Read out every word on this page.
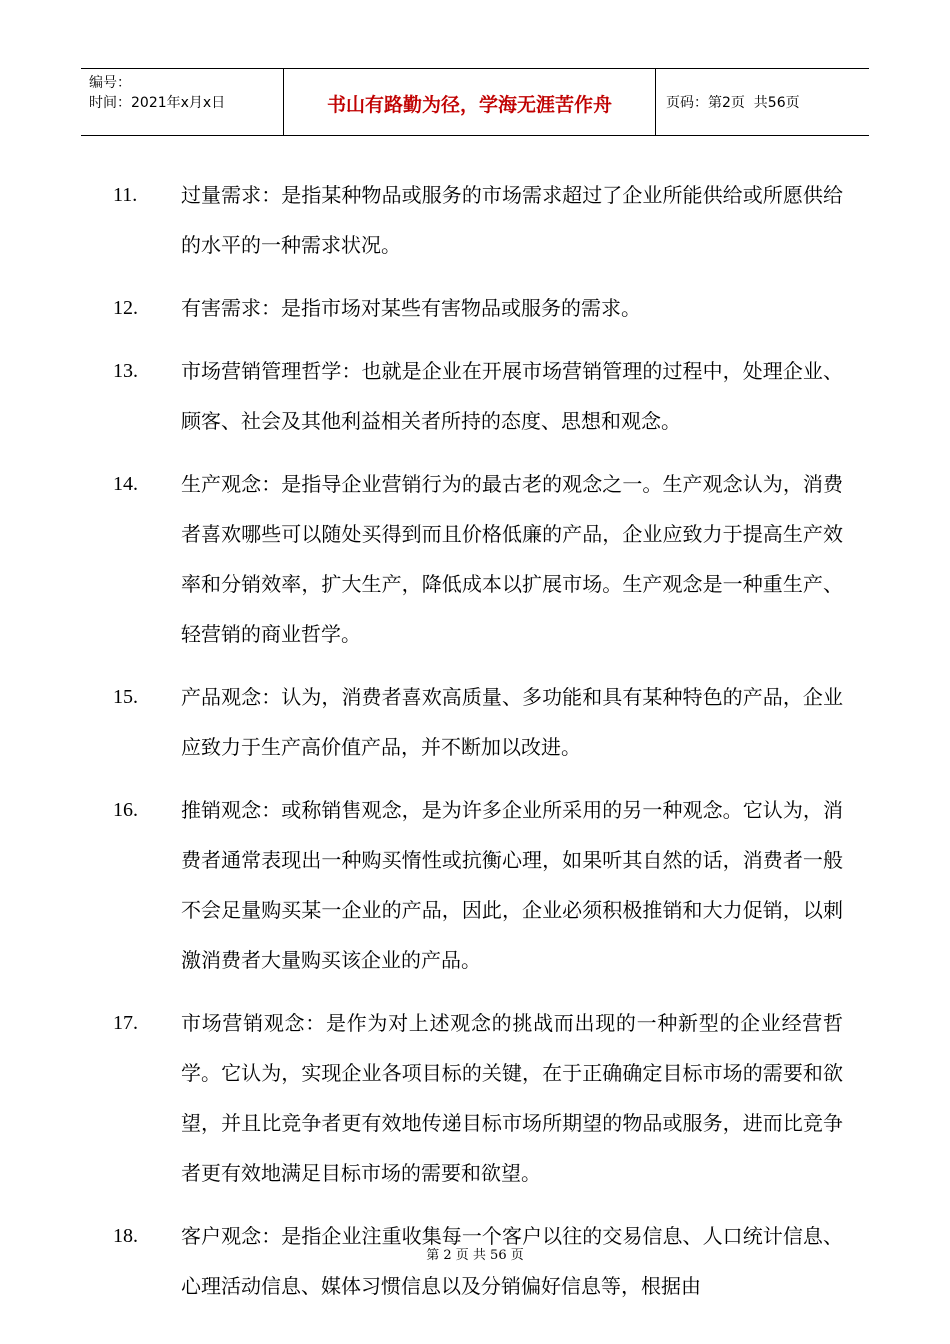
编号：
时间：2021年x月x日	书山有路勤为径，学海无涯苦作舟	页码：第2页  共56页
11.	过量需求：是指某种物品或服务的市场需求超过了企业所能供给或所愿供给的水平的一种需求状况。
12.	有害需求：是指市场对某些有害物品或服务的需求。
13.	市场营销管理哲学：也就是企业在开展市场营销管理的过程中，处理企业、顾客、社会及其他利益相关者所持的态度、思想和观念。
14.	生产观念：是指导企业营销行为的最古老的观念之一。生产观念认为，消费者喜欢哪些可以随处买得到而且价格低廉的产品，企业应致力于提高生产效率和分销效率，扩大生产，降低成本以扩展市场。生产观念是一种重生产、轻营销的商业哲学。
15.	产品观念：认为，消费者喜欢高质量、多功能和具有某种特色的产品，企业应致力于生产高价值产品，并不断加以改进。
16.	推销观念：或称销售观念，是为许多企业所采用的另一种观念。它认为，消费者通常表现出一种购买惰性或抗衡心理，如果听其自然的话，消费者一般不会足量购买某一企业的产品，因此，企业必须积极推销和大力促销，以刺激消费者大量购买该企业的产品。
17.	市场营销观念：是作为对上述观念的挑战而出现的一种新型的企业经营哲学。它认为，实现企业各项目标的关键，在于正确确定目标市场的需要和欲望，并且比竞争者更有效地传递目标市场所期望的物品或服务，进而比竞争者更有效地满足目标市场的需要和欲望。
18.	客户观念：是指企业注重收集每一个客户以往的交易信息、人口统计信息、心理活动信息、媒体习惯信息以及分销偏好信息等，根据由
第 2 页 共 56 页
